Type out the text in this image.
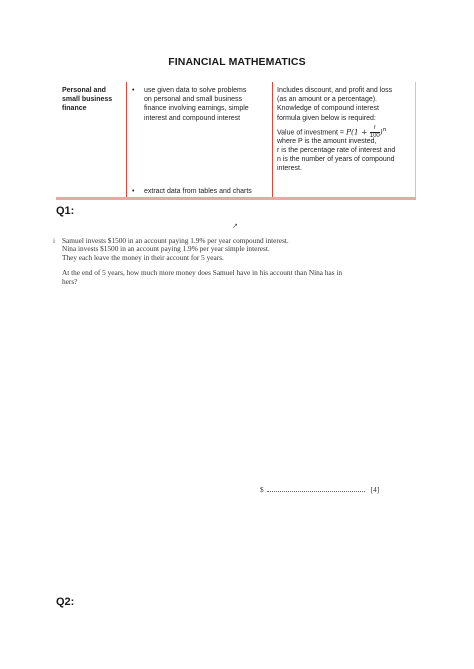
FINANCIAL MATHEMATICS
Personal and
small business
finance
• use given data to solve problems
on personal and small business
finance involving earnings, simple
interest and compound interest
• extract data from tables and charts
Includes discount, and profit and loss
(as an amount or a percentage).
Knowledge of compound interest
formula given below is required:
Value of investment = $P(1 + \frac{r}{100} )^n$
where P is the amount invested,
r is the percentage rate of interest and
n is the number of years of compound
interest.
Q1:
↗
i Samuel invests $1500 in an account paying 1.9% per year compound interest.
Nina invests $1500 in an account paying 1.9% per year simple interest.
They each leave the money in their account for 5 years.
At the end of 5 years, how much more money does Samuel have in his account than Nina has in
hers?
$	[4]
Q2:
